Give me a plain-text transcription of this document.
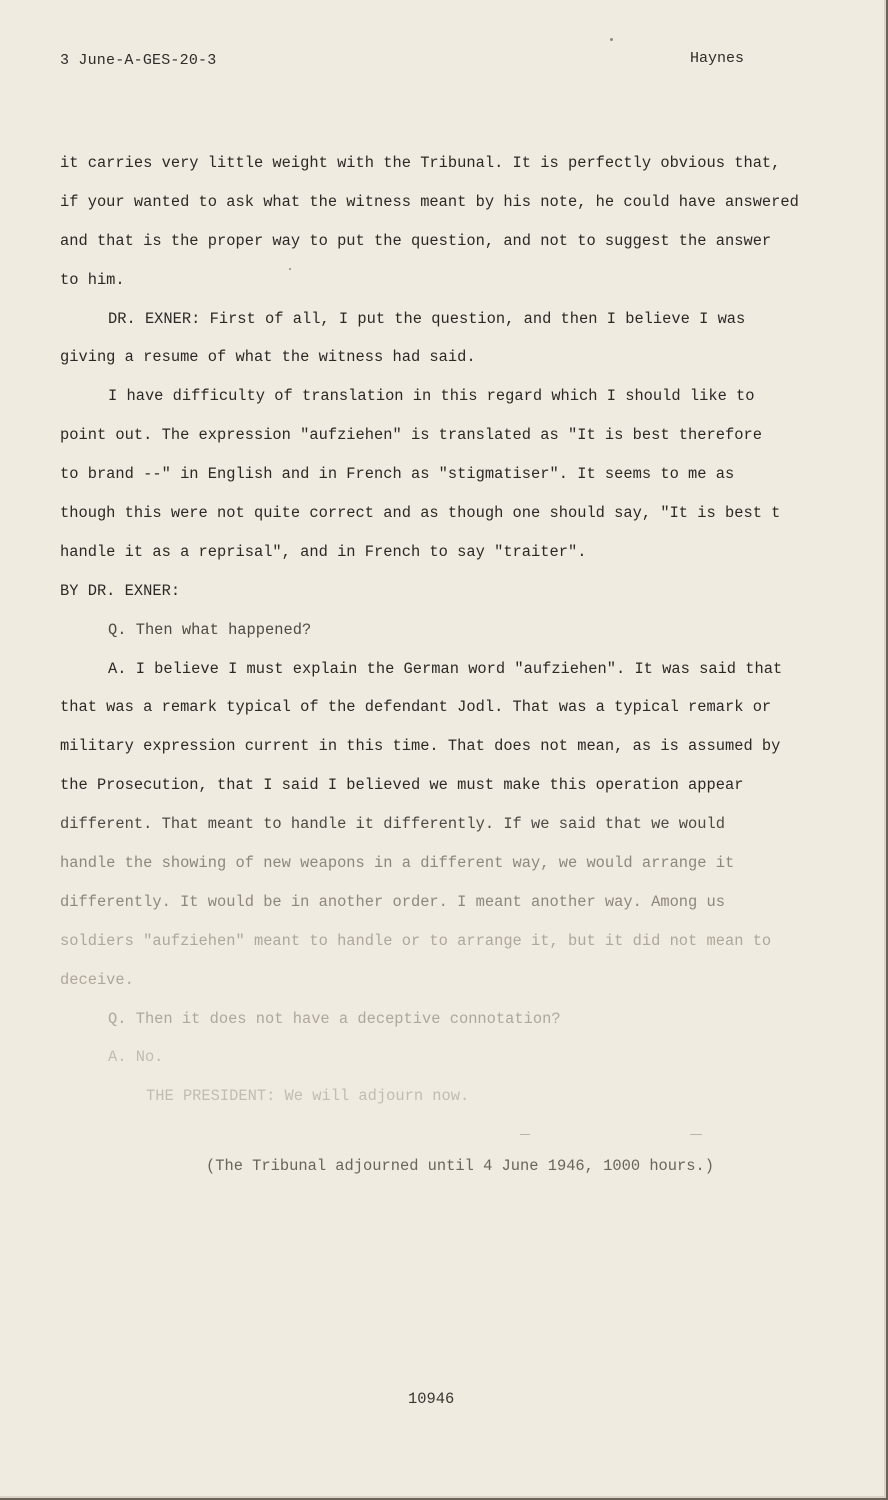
3 June-A-GES-20-3	Haynes
it carries very little weight with the Tribunal. It is perfectly obvious that,
if your wanted to ask what the witness meant by his note, he could have answered
and that is the proper way to put the question, and not to suggest the answer
to him.
DR. EXNER: First of all, I put the question, and then I believe I was
giving a resume of what the witness had said.
I have difficulty of translation in this regard which I should like to
point out. The expression "aufziehen" is translated as "It is best therefore
to brand --" in English and in French as "stigmatiser". It seems to me as
though this were not quite correct and as though one should say, "It is best t
handle it as a reprisal", and in French to say "traiter".
BY DR. EXNER:
Q. Then what happened?
A. I believe I must explain the German word "aufziehen". It was said that
that was a remark typical of the defendant Jodl. That was a typical remark or
military expression current in this time. That does not mean, as is assumed by
the Prosecution, that I said I believed we must make this operation appear
different. That meant to handle it differently. If we said that we would
handle the showing of new weapons in a different way, we would arrange it
differently. It would be in another order. I meant another way. Among us
soldiers "aufziehen" meant to handle or to arrange it, but it did not mean to
deceive.
Q. Then it does not have a deceptive connotation?
A. No.
THE PRESIDENT: We will adjourn now.
(The Tribunal adjourned until 4 June 1946, 1000 hours.)
10946
